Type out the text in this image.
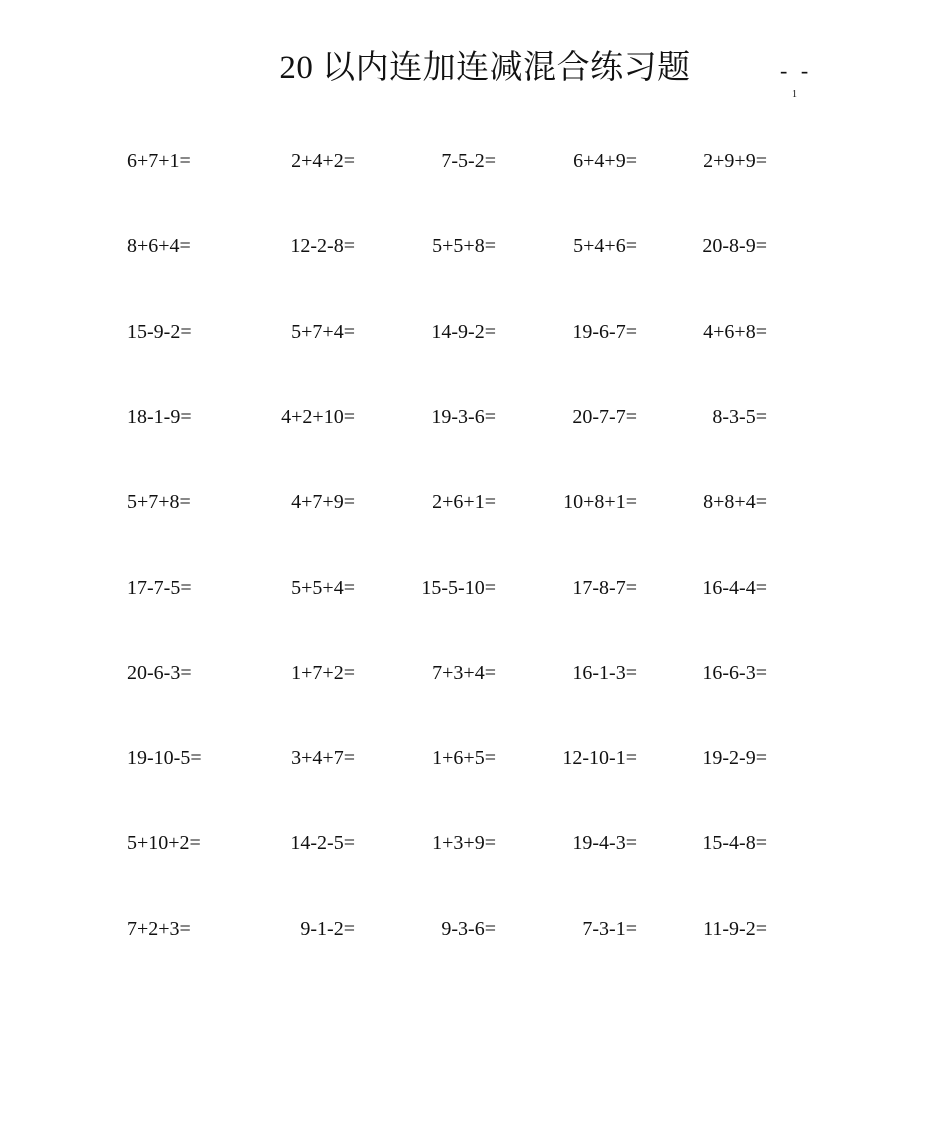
20 以内连加连减混合练习题	- -
1
6+7+1=	2+4+2=	7-5-2=	6+4+9=	2+9+9=
8+6+4=	12-2-8=	5+5+8=	5+4+6=	20-8-9=
15-9-2=	5+7+4=	14-9-2=	19-6-7=	4+6+8=
18-1-9=	4+2+10=	19-3-6=	20-7-7=	8-3-5=
5+7+8=	4+7+9=	2+6+1=	10+8+1=	8+8+4=
17-7-5=	5+5+4=	15-5-10=	17-8-7=	16-4-4=
20-6-3=	1+7+2=	7+3+4=	16-1-3=	16-6-3=
19-10-5=	3+4+7=	1+6+5=	12-10-1=	19-2-9=
5+10+2=	14-2-5=	1+3+9=	19-4-3=	15-4-8=
7+2+3=	9-1-2=	9-3-6=	7-3-1=	11-9-2=
